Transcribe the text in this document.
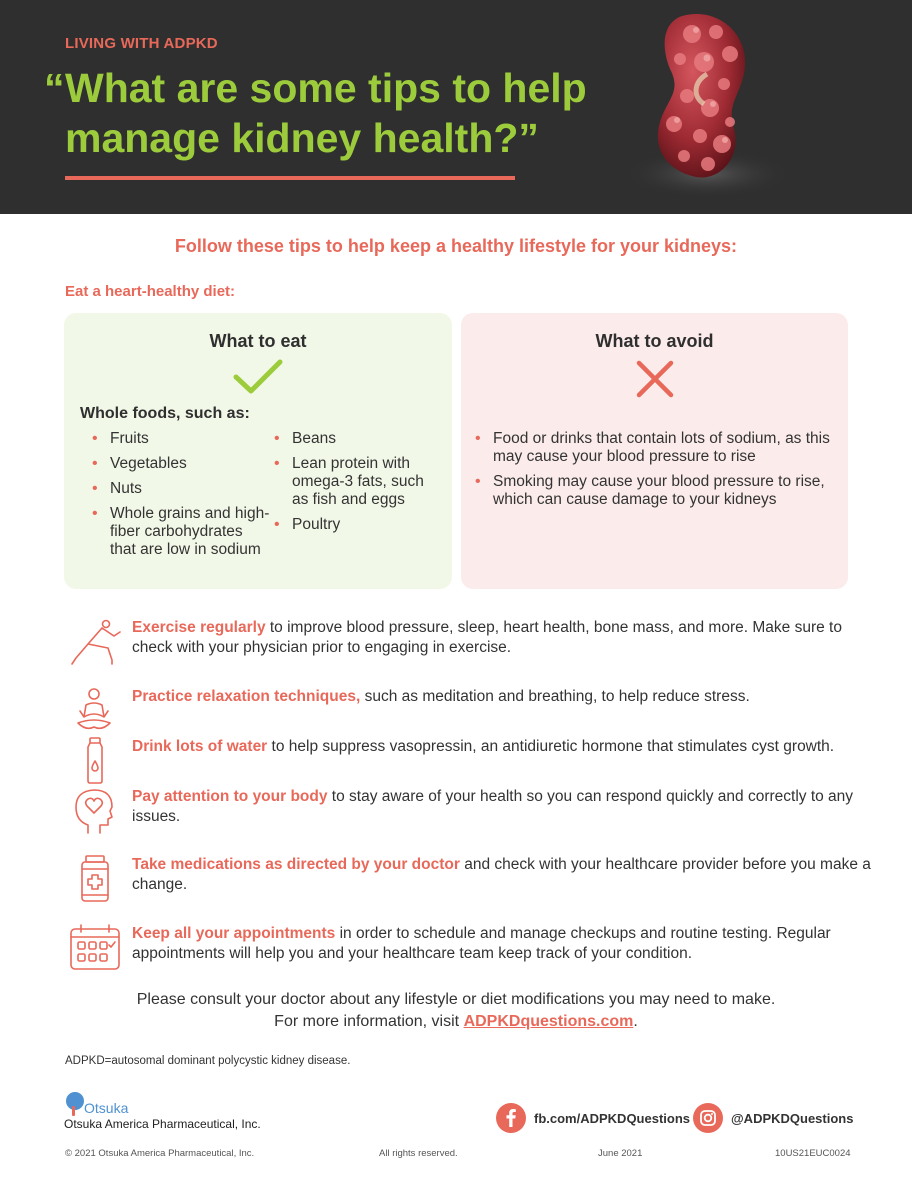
LIVING WITH ADPKD
“What are some tips to help
manage kidney health?”
Follow these tips to help keep a healthy lifestyle for your kidneys:
Eat a heart-healthy diet:
What to eat
Whole foods, such as:
• Fruits
• Vegetables
• Nuts
• Whole grains and high-fiber carbohydrates that are low in sodium
• Beans
• Lean protein with omega-3 fats, such as fish and eggs
• Poultry
What to avoid
• Food or drinks that contain lots of sodium, as this may cause your blood pressure to rise
• Smoking may cause your blood pressure to rise, which can cause damage to your kidneys
Exercise regularly to improve blood pressure, sleep, heart health, bone mass, and more. Make sure to check with your physician prior to engaging in exercise.
Practice relaxation techniques, such as meditation and breathing, to help reduce stress.
Drink lots of water to help suppress vasopressin, an antidiuretic hormone that stimulates cyst growth.
Pay attention to your body to stay aware of your health so you can respond quickly and correctly to any issues.
Take medications as directed by your doctor and check with your healthcare provider before you make a change.
Keep all your appointments in order to schedule and manage checkups and routine testing. Regular appointments will help you and your healthcare team keep track of your condition.
Please consult your doctor about any lifestyle or diet modifications you may need to make.
For more information, visit ADPKDquestions.com.
ADPKD=autosomal dominant polycystic kidney disease.
Otsuka
Otsuka America Pharmaceutical, Inc.	fb.com/ADPKDQuestions	@ADPKDQuestions
© 2021 Otsuka America Pharmaceutical, Inc.	All rights reserved.	June 2021	10US21EUC0024
